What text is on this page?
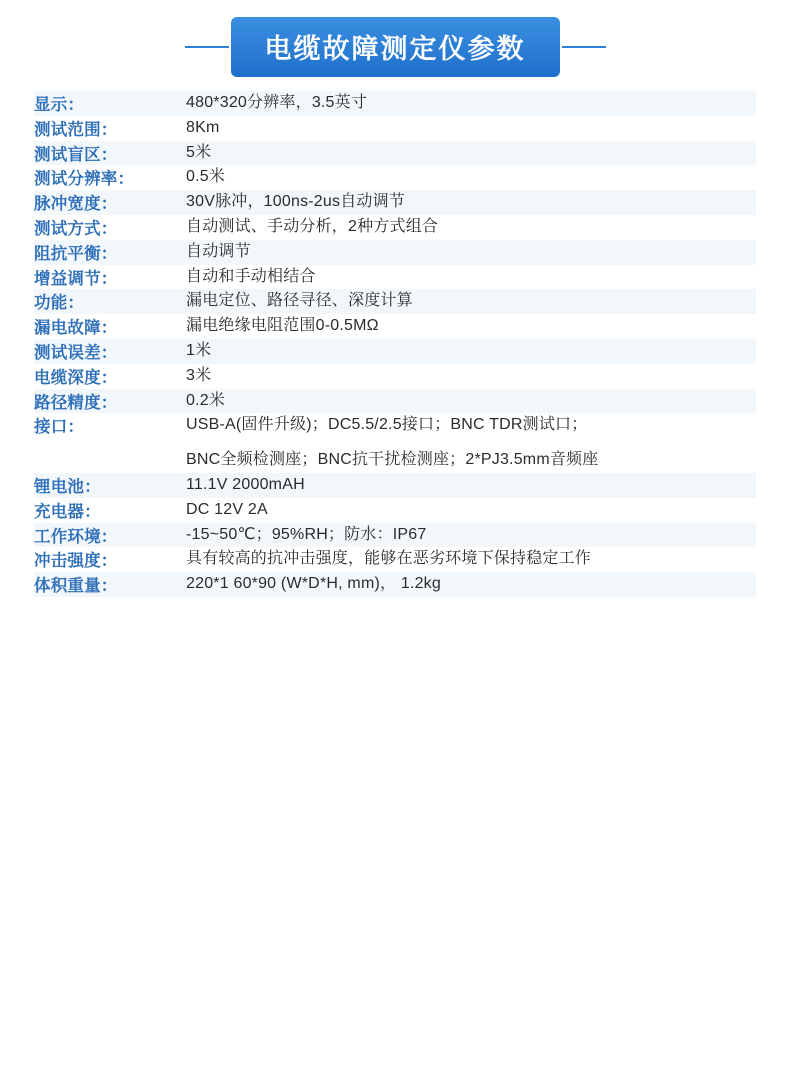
电缆故障测定仪参数
显示：	480*320分辨率，3.5英寸
测试范围：	8Km
测试盲区：	5米
测试分辨率：	0.5米
脉冲宽度：	30V脉冲，100ns-2us自动调节
测试方式：	自动测试、手动分析，2种方式组合
阻抗平衡：	自动调节
增益调节：	自动和手动相结合
功能：	漏电定位、路径寻径、深度计算
漏电故障：	漏电绝缘电阻范围0-0.5MΩ
测试误差：	1米
电缆深度：	3米
路径精度：	0.2米
接口：	USB-A(固件升级)；DC5.5/2.5接口；BNC TDR测试口；
BNC全频检测座；BNC抗干扰检测座；2*PJ3.5mm音频座

锂电池：	11.1V 2000mAH
充电器：	DC 12V 2A
工作环境：	-15~50℃；95%RH；防水：IP67
冲击强度：	具有较高的抗冲击强度，能够在恶劣环境下保持稳定工作
体积重量：	220*1 60*90 (W*D*H, mm)， 1.2kg
